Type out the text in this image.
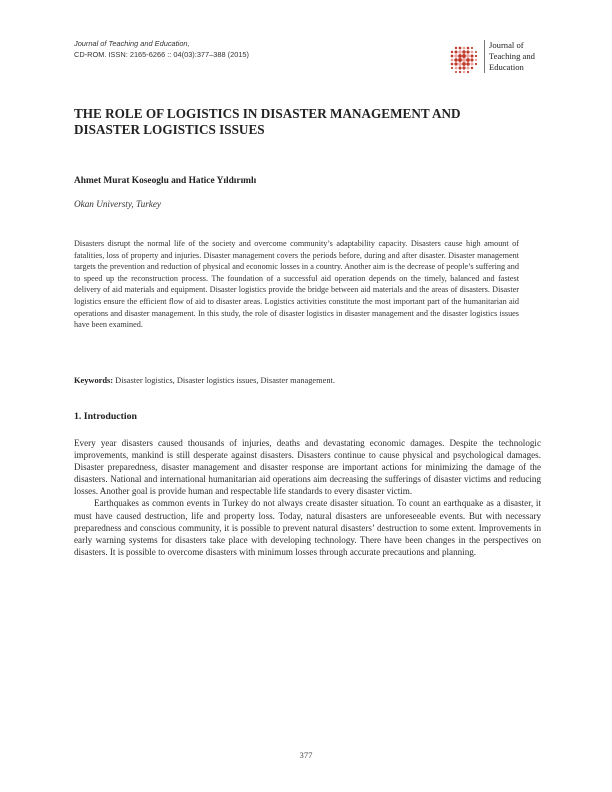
Journal of Teaching and Education,
CD-ROM. ISSN: 2165-6266 :: 04(03):377–388 (2015)
Journal of
Teaching and
Education
THE ROLE OF LOGISTICS IN DISASTER MANAGEMENT AND
DISASTER LOGISTICS ISSUES
Ahmet Murat Koseoglu and Hatice Yıldırımlı
Okan Universty, Turkey

Disasters disrupt the normal life of the society and overcome community’s adaptability capacity. Disasters cause high amount of fatalities, loss of property and injuries. Disaster management covers the periods before, during and after disaster. Disaster management targets the prevention and reduction of physical and economic losses in a country. Another aim is the decrease of people’s suffering and to speed up the reconstruction process. The foundation of a successful aid operation depends on the timely, balanced and fastest delivery of aid materials and equipment. Disaster logistics provide the bridge between aid materials and the areas of disasters. Disaster logistics ensure the efficient flow of aid to disaster areas. Logistics activities constitute the most important part of the humanitarian aid operations and disaster management. In this study, the role of disaster logistics in disaster management and the disaster logistics issues have been examined.

Keywords: Disaster logistics, Disaster logistics issues, Disaster management.
1. Introduction

Every year disasters caused thousands of injuries, deaths and devastating economic damages. Despite the technologic improvements, mankind is still desperate against disasters. Disasters continue to cause physical and psychological damages. Disaster preparedness, disaster management and disaster response are important actions for minimizing the damage of the disasters. National and international humanitarian aid operations aim decreasing the sufferings of disaster victims and reducing losses. Another goal is provide human and respectable life standards to every disaster victim.

Earthquakes as common events in Turkey do not always create disaster situation. To count an earthquake as a disaster, it must have caused destruction, life and property loss. Today, natural disasters are unforeseeable events. But with necessary preparedness and conscious community, it is possible to prevent natural disasters’ destruction to some extent. Improvements in early warning systems for disasters take place with developing technology. There have been changes in the perspectives on disasters. It is possible to overcome disasters with minimum losses through accurate precautions and planning.

377
